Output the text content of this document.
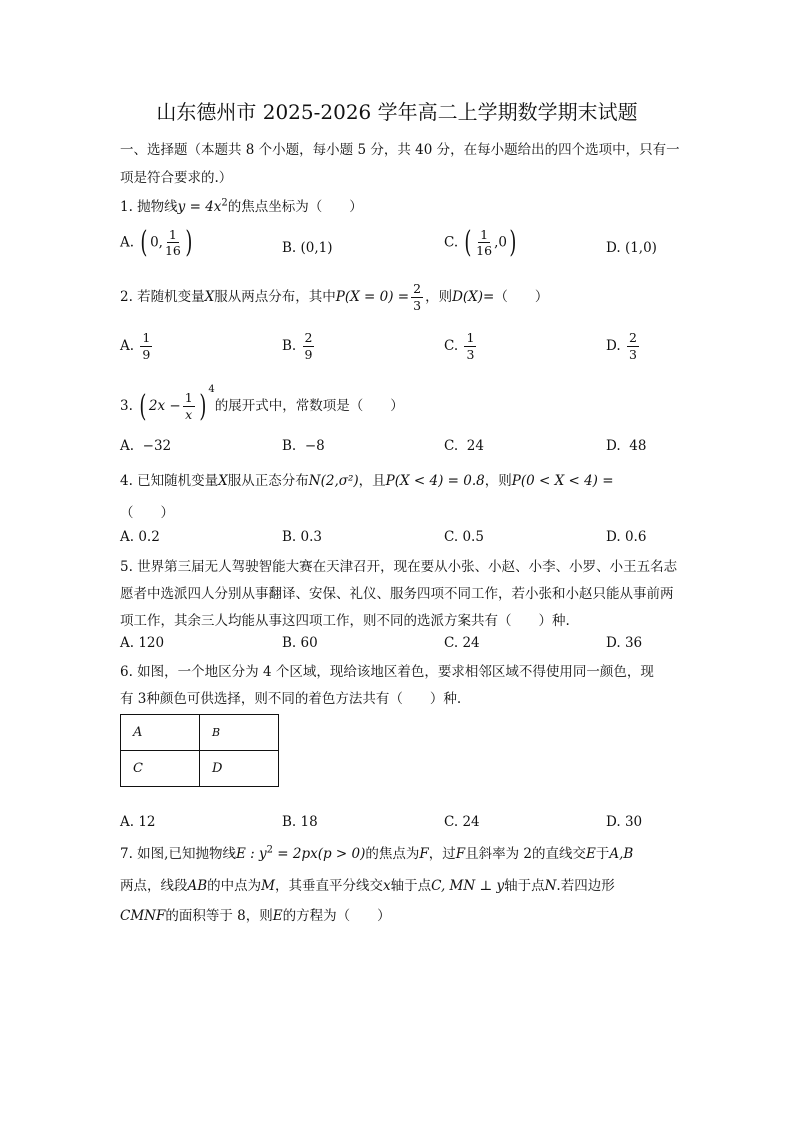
山东德州市 2025-2026 学年高二上学期数学期末试题
一、选择题（本题共 8 个小题，每小题 5 分，共 40 分，在每小题给出的四个选项中，只有一
项是符合要求的.）
1. 抛物线$y = 4x^2$的焦点坐标为（　　）
A. ( 0, $\frac{1}{16}$ )	B. (0,1)	C. ( $\frac{1}{16} ,0$)	D. (1,0)
2. 若随机变量X服从两点分布，其中$P(X = 0) = \frac{2}{3}$ ，则D(X)=（　　）
A. $\frac{1}{9}$	B. $\frac{2}{9}$	C. $\frac{1}{3}$	D. $\frac{2}{3}$
3. ( $2x - \frac{1}{x}$ ) $^4$的展开式中，常数项是（　　）
A. −32	B. −8	C. 24	D. 48
4. 已知随机变量X服从正态分布N(2,σ²)，且P(X < 4) = 0.8，则P(0 < X < 4) =
（　　）
A. 0.2	B. 0.3	C. 0.5	D. 0.6
5. 世界第三届无人驾驶智能大赛在天津召开，现在要从小张、小赵、小李、小罗、小王五名志
愿者中选派四人分别从事翻译、安保、礼仪、服务四项不同工作，若小张和小赵只能从事前两
项工作，其余三人均能从事这四项工作，则不同的选派方案共有（　　）种.
A. 120	B. 60	C. 24	D. 36
6. 如图，一个地区分为 4 个区域，现给该地区着色，要求相邻区域不得使用同一颜色，现
有 3种颜色可供选择，则不同的着色方法共有（　　）种.
A	B
C	D
A. 12	B. 18	C. 24	D. 30
7. 如图,已知抛物线E : $y^2 = 2px(p > 0)$的焦点为F，过F且斜率为 2的直线交E于A,B
两点，线段AB的中点为M，其垂直平分线交x轴于点C, MN ⊥ y轴于点N.若四边形
CMNF的面积等于 8，则E的方程为（　　）
